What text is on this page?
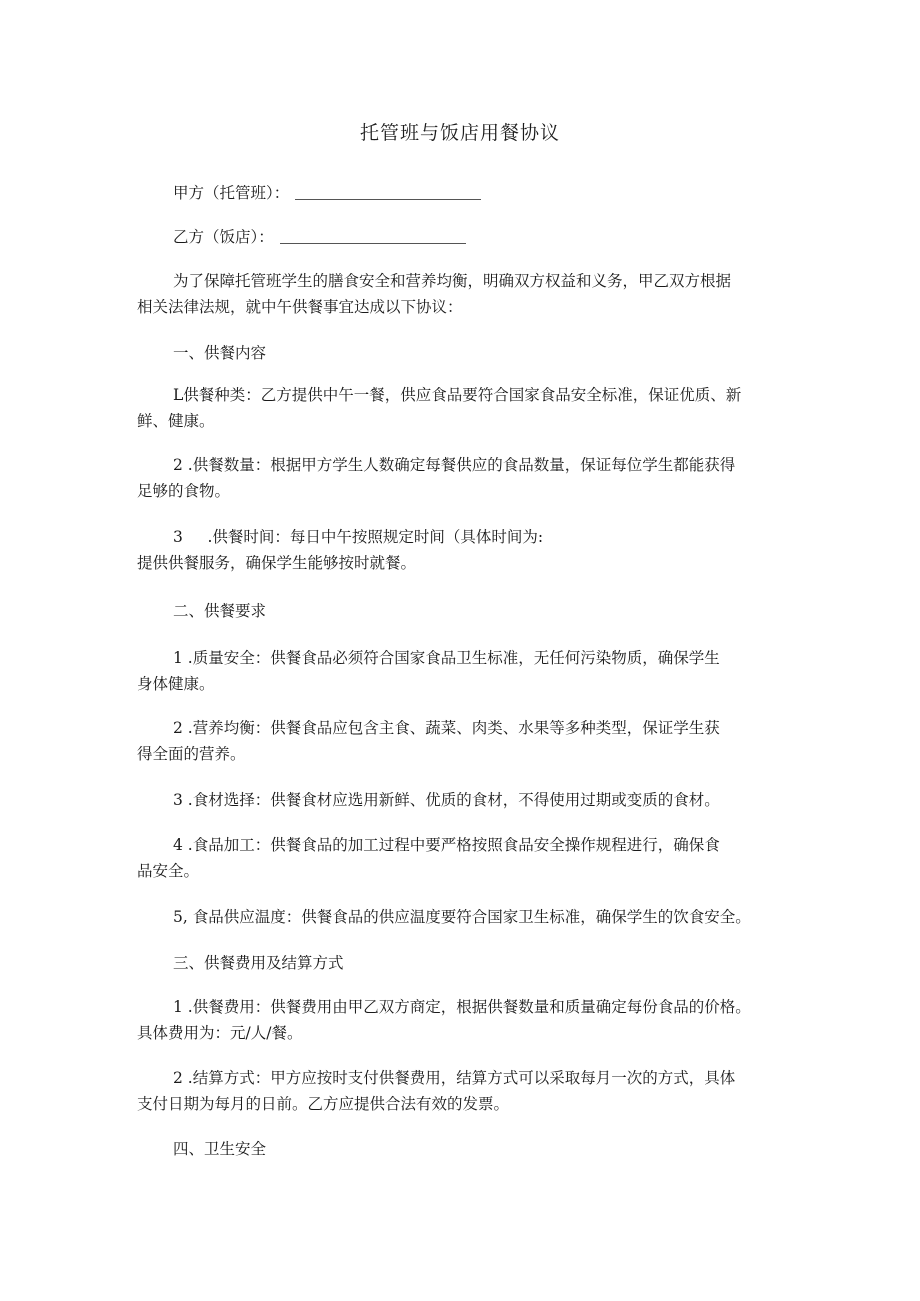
托管班与饭店用餐协议
甲方（托管班）：
乙方（饭店）：
为了保障托管班学生的膳食安全和营养均衡，明确双方权益和义务，甲乙双方根据
相关法律法规，就中午供餐事宜达成以下协议：
一、供餐内容
L供餐种类：乙方提供中午一餐，供应食品要符合国家食品安全标准，保证优质、新
鲜、健康。
2 .供餐数量：根据甲方学生人数确定每餐供应的食品数量，保证每位学生都能获得
足够的食物。
3     .供餐时间：每日中午按照规定时间（具体时间为:
提供供餐服务，确保学生能够按时就餐。
二、供餐要求
1 .质量安全：供餐食品必须符合国家食品卫生标准，无任何污染物质，确保学生
身体健康。
2 .营养均衡：供餐食品应包含主食、蔬菜、肉类、水果等多种类型，保证学生获
得全面的营养。
3 .食材选择：供餐食材应选用新鲜、优质的食材，不得使用过期或变质的食材。
4 .食品加工：供餐食品的加工过程中要严格按照食品安全操作规程进行，确保食
品安全。
5, 食品供应温度：供餐食品的供应温度要符合国家卫生标准，确保学生的饮食安全。
三、供餐费用及结算方式
1 .供餐费用：供餐费用由甲乙双方商定，根据供餐数量和质量确定每份食品的价格。
具体费用为：元/人/餐。
2 .结算方式：甲方应按时支付供餐费用，结算方式可以采取每月一次的方式，具体
支付日期为每月的日前。乙方应提供合法有效的发票。
四、卫生安全
